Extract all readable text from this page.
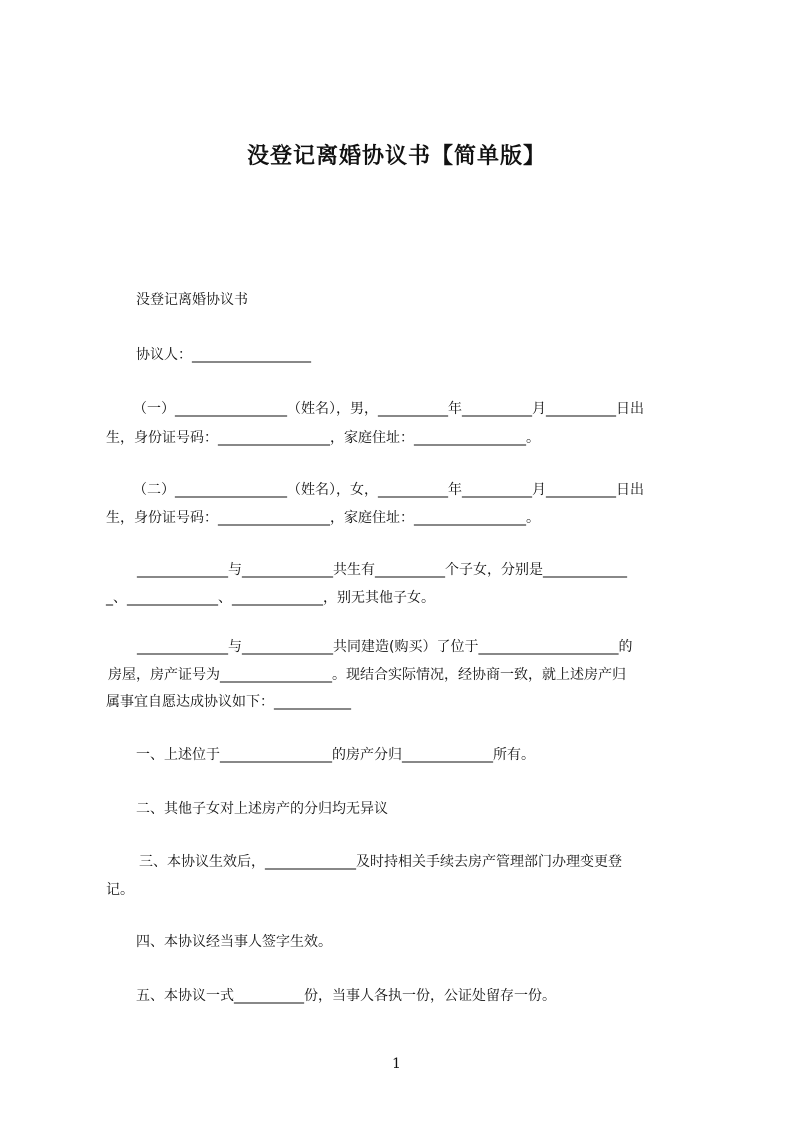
没登记离婚协议书【简单版】
没登记离婚协议书
协议人：_________________
（一）________________（姓名），男，__________年__________月__________日出
生，身份证号码：________________，家庭住址：________________。
（二）________________（姓名），女，__________年__________月__________日出
生，身份证号码：________________，家庭住址：________________。
_____________与_____________共生有__________个子女，分别是____________
_、_____________、_____________，别无其他子女。
_____________与_____________共同建造(购买）了位于____________________的
房屋，房产证号为________________。现结合实际情况，经协商一致，就上述房产归
属事宜自愿达成协议如下：___________
一、上述位于________________的房产分归_____________所有。
二、其他子女对上述房产的分归均无异议
三、本协议生效后，_____________及时持相关手续去房产管理部门办理变更登
记。
四、本协议经当事人签字生效。
五、本协议一式__________份，当事人各执一份，公证处留存一份。
1
